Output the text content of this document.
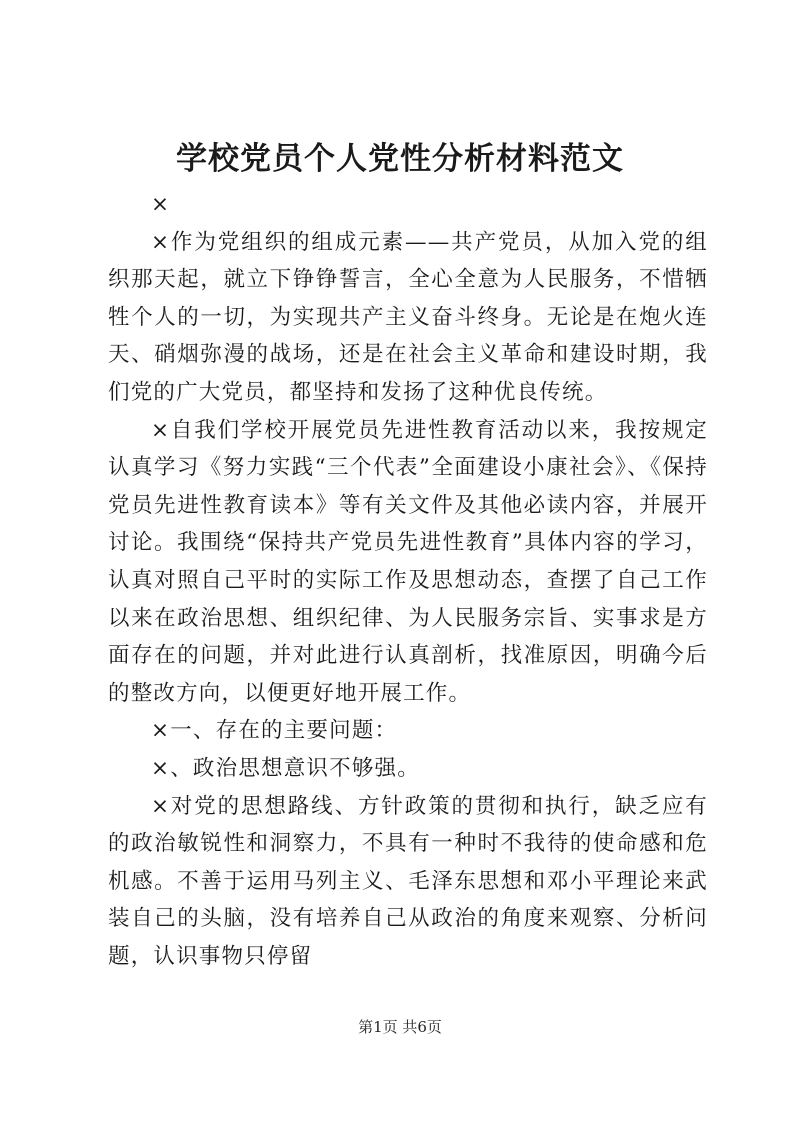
学校党员个人党性分析材料范文

×

×作为党组织的组成元素——共产党员，从加入党的组织那天起，就立下铮铮誓言，全心全意为人民服务，不惜牺牲个人的一切，为实现共产主义奋斗终身。无论是在炮火连天、硝烟弥漫的战场，还是在社会主义革命和建设时期，我们党的广大党员，都坚持和发扬了这种优良传统。

×自我们学校开展党员先进性教育活动以来，我按规定认真学习《努力实践“三个代表”全面建设小康社会》、《保持党员先进性教育读本》等有关文件及其他必读内容，并展开讨论。我围绕“保持共产党员先进性教育”具体内容的学习，认真对照自己平时的实际工作及思想动态，查摆了自己工作以来在政治思想、组织纪律、为人民服务宗旨、实事求是方面存在的问题，并对此进行认真剖析，找准原因，明确今后的整改方向，以便更好地开展工作。

×一、存在的主要问题：

×、政治思想意识不够强。

×对党的思想路线、方针政策的贯彻和执行，缺乏应有的政治敏锐性和洞察力，不具有一种时不我待的使命感和危机感。不善于运用马列主义、毛泽东思想和邓小平理论来武装自己的头脑，没有培养自己从政治的角度来观察、分析问题，认识事物只停留

第1页 共6页
